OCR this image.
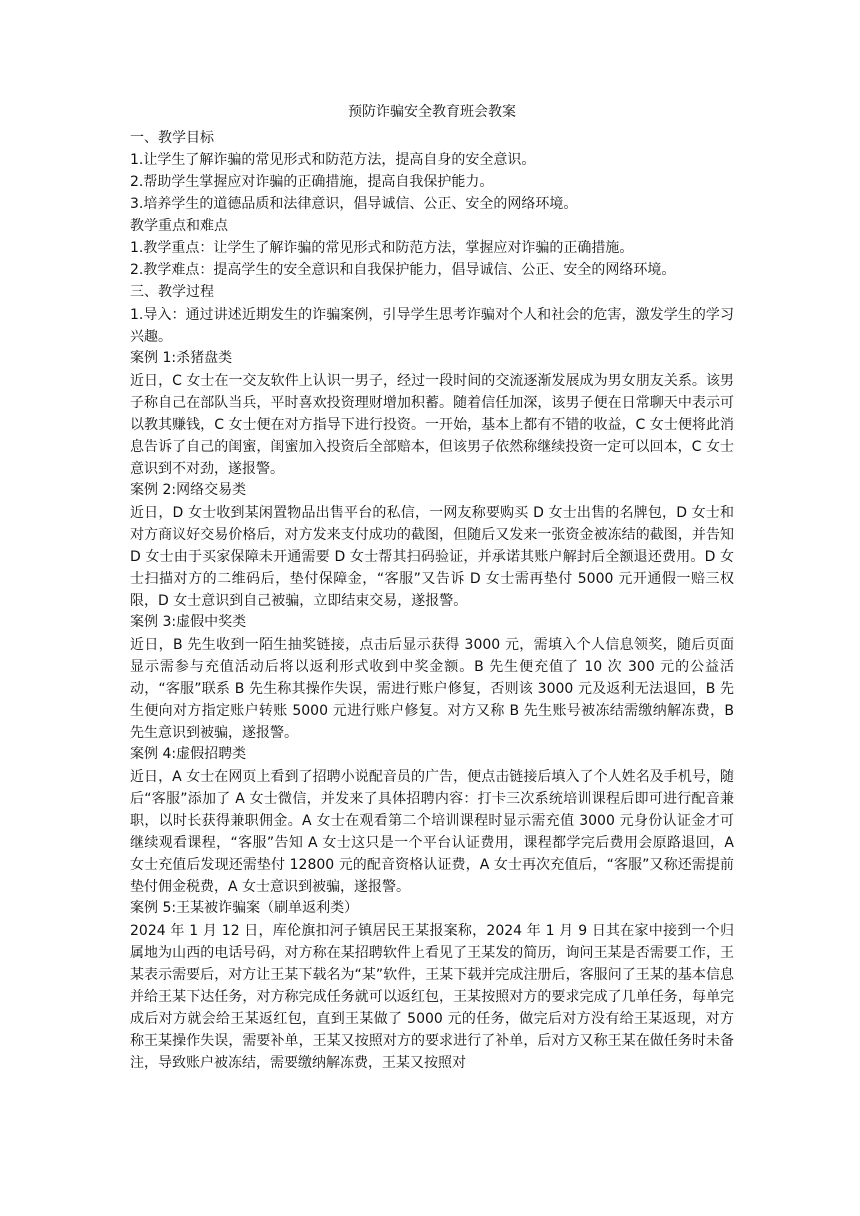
预防诈骗安全教育班会教案
一、教学目标
1.让学生了解诈骗的常见形式和防范方法，提高自身的安全意识。
2.帮助学生掌握应对诈骗的正确措施，提高自我保护能力。
3.培养学生的道德品质和法律意识，倡导诚信、公正、安全的网络环境。
教学重点和难点
1.教学重点：让学生了解诈骗的常见形式和防范方法，掌握应对诈骗的正确措施。
2.教学难点：提高学生的安全意识和自我保护能力，倡导诚信、公正、安全的网络环境。
三、教学过程
1.导入：通过讲述近期发生的诈骗案例，引导学生思考诈骗对个人和社会的危害，激发学生的学习兴趣。
案例 1:杀猪盘类
近日，C 女士在一交友软件上认识一男子，经过一段时间的交流逐渐发展成为男女朋友关系。该男子称自己在部队当兵，平时喜欢投资理财增加积蓄。随着信任加深，该男子便在日常聊天中表示可以教其赚钱，C 女士便在对方指导下进行投资。一开始，基本上都有不错的收益，C 女士便将此消息告诉了自己的闺蜜，闺蜜加入投资后全部赔本，但该男子依然称继续投资一定可以回本，C 女士意识到不对劲，遂报警。
案例 2:网络交易类
近日，D 女士收到某闲置物品出售平台的私信，一网友称要购买 D 女士出售的名牌包，D 女士和对方商议好交易价格后，对方发来支付成功的截图，但随后又发来一张资金被冻结的截图，并告知 D 女士由于买家保障未开通需要 D 女士帮其扫码验证，并承诺其账户解封后全额退还费用。D 女士扫描对方的二维码后，垫付保障金，“客服”又告诉 D 女士需再垫付 5000 元开通假一赔三权限，D 女士意识到自己被骗，立即结束交易，遂报警。
案例 3:虚假中奖类
近日，B 先生收到一陌生抽奖链接，点击后显示获得 3000 元，需填入个人信息领奖，随后页面显示需参与充值活动后将以返利形式收到中奖金额。B 先生便充值了 10 次 300 元的公益活动，“客服”联系 B 先生称其操作失误，需进行账户修复，否则该 3000 元及返利无法退回，B 先生便向对方指定账户转账 5000 元进行账户修复。对方又称 B 先生账号被冻结需缴纳解冻费，B 先生意识到被骗，遂报警。
案例 4:虚假招聘类
近日，A 女士在网页上看到了招聘小说配音员的广告，便点击链接后填入了个人姓名及手机号，随后“客服”添加了 A 女士微信，并发来了具体招聘内容：打卡三次系统培训课程后即可进行配音兼职，以时长获得兼职佣金。A 女士在观看第二个培训课程时显示需充值 3000 元身份认证金才可继续观看课程，“客服”告知 A 女士这只是一个平台认证费用，课程都学完后费用会原路退回，A 女士充值后发现还需垫付 12800 元的配音资格认证费，A 女士再次充值后，“客服”又称还需提前垫付佣金税费，A 女士意识到被骗，遂报警。
案例 5:王某被诈骗案（刷单返利类）
2024 年 1 月 12 日，库伦旗扣河子镇居民王某报案称，2024 年 1 月 9 日其在家中接到一个归属地为山西的电话号码，对方称在某招聘软件上看见了王某发的简历，询问王某是否需要工作，王某表示需要后，对方让王某下载名为“某”软件，王某下载并完成注册后，客服问了王某的基本信息并给王某下达任务，对方称完成任务就可以返红包，王某按照对方的要求完成了几单任务，每单完成后对方就会给王某返红包，直到王某做了 5000 元的任务，做完后对方没有给王某返现，对方称王某操作失误，需要补单，王某又按照对方的要求进行了补单，后对方又称王某在做任务时未备注，导致账户被冻结，需要缴纳解冻费，王某又按照对
